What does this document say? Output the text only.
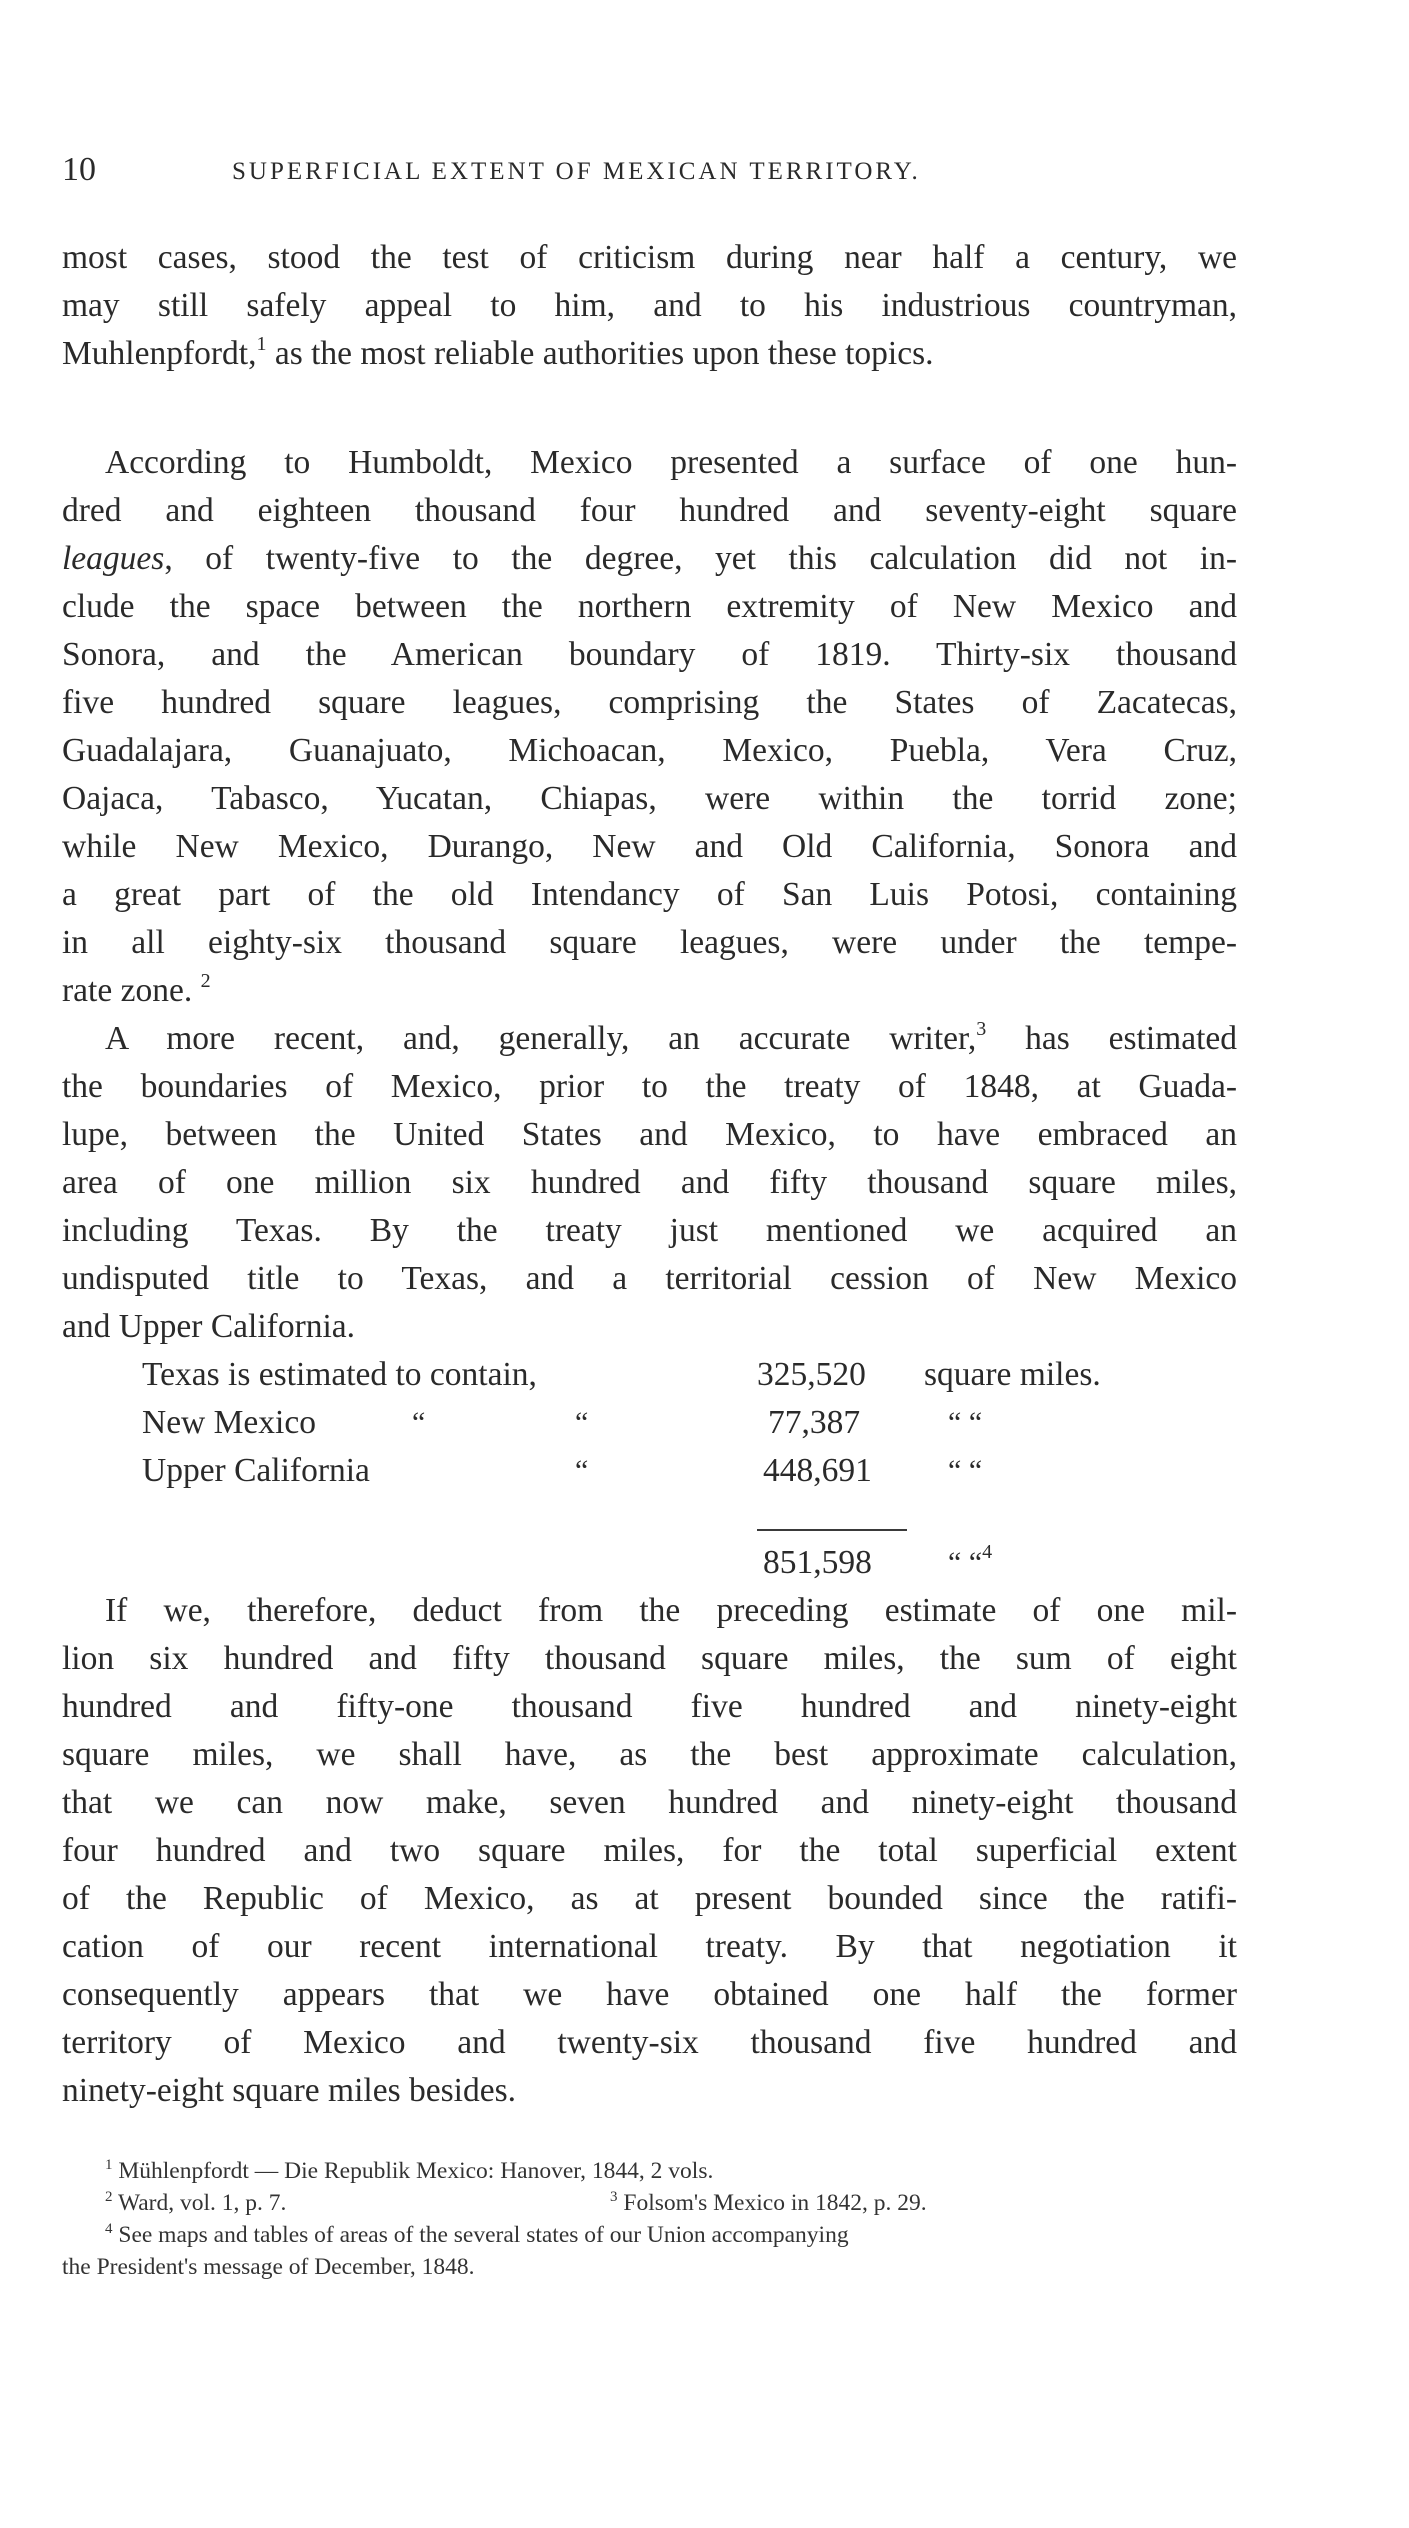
10	SUPERFICIAL EXTENT OF MEXICAN TERRITORY.
most cases, stood the test of criticism during near half a century, we
may still safely appeal to him, and to his industrious countryman,
Muhlenpfordt,$^1$ as the most reliable authorities upon these topics.
According to Humboldt, Mexico presented a surface of one hun-
dred and eighteen thousand four hundred and seventy-eight square
leagues, of twenty-five to the degree, yet this calculation did not in-
clude the space between the northern extremity of New Mexico and
Sonora, and the American boundary of 1819. Thirty-six thousand
five hundred square leagues, comprising the States of Zacatecas,
Guadalajara, Guanajuato, Michoacan, Mexico, Puebla, Vera Cruz,
Oajaca, Tabasco, Yucatan, Chiapas, were within the torrid zone;
while New Mexico, Durango, New and Old California, Sonora and
a great part of the old Intendancy of San Luis Potosi, containing
in all eighty-six thousand square leagues, were under the tempe-
rate zone. $^2$
A more recent, and, generally, an accurate writer,$^3$ has estimated
the boundaries of Mexico, prior to the treaty of 1848, at Guada-
lupe, between the United States and Mexico, to have embraced an
area of one million six hundred and fifty thousand square miles,
including Texas. By the treaty just mentioned we acquired an
undisputed title to Texas, and a territorial cession of New Mexico
and Upper California.
Texas is estimated to contain,	325,520 square miles.
New Mexico	“	“	77,387	“ “
Upper California	“	448,691	“ “
851,598	“ “$^4$
If we, therefore, deduct from the preceding estimate of one mil-
lion six hundred and fifty thousand square miles, the sum of eight
hundred and fifty-one thousand five hundred and ninety-eight
square miles, we shall have, as the best approximate calculation,
that we can now make, seven hundred and ninety-eight thousand
four hundred and two square miles, for the total superficial extent
of the Republic of Mexico, as at present bounded since the ratifi-
cation of our recent international treaty. By that negotiation it
consequently appears that we have obtained one half the former
territory of Mexico and twenty-six thousand five hundred and
ninety-eight square miles besides.
$^1$ Mühlenpfordt — Die Republik Mexico: Hanover, 1844, 2 vols.
$^2$ Ward, vol. 1, p. 7.	$^3$ Folsom's Mexico in 1842, p. 29.
$^4$ See maps and tables of areas of the several states of our Union accompanying
the President's message of December, 1848.
